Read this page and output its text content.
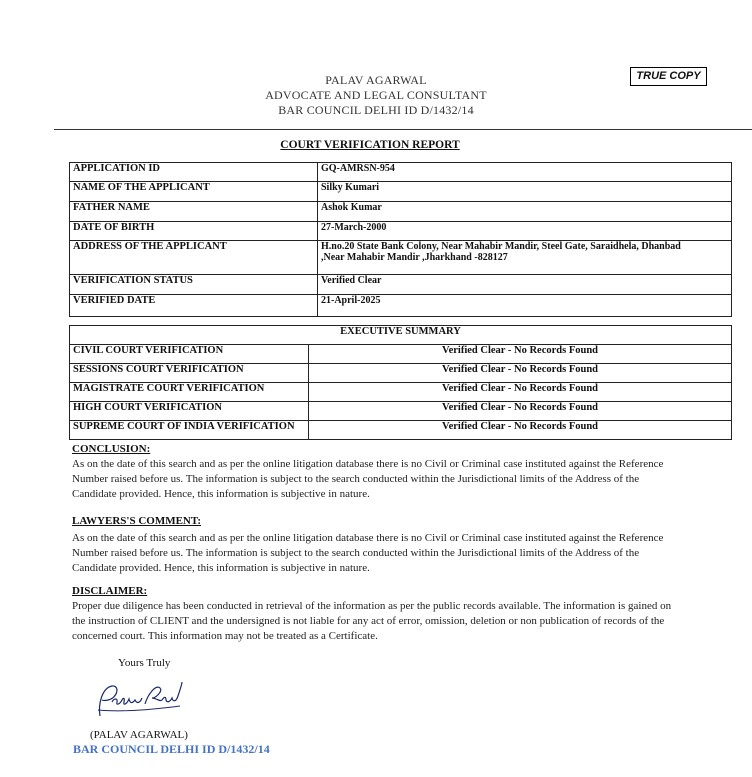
PALAV AGARWAL
ADVOCATE AND LEGAL CONSULTANT
BAR COUNCIL DELHI ID D/1432/14
TRUE COPY
COURT VERIFICATION REPORT
APPLICATION ID	GQ-AMRSN-954
NAME OF THE APPLICANT	Silky Kumari
FATHER NAME	Ashok Kumar
DATE OF BIRTH	27-March-2000
ADDRESS OF THE APPLICANT	H.no.20 State Bank Colony, Near Mahabir Mandir, Steel Gate, Saraidhela, Dhanbad
,Near Mahabir Mandir ,Jharkhand -828127

VERIFICATION STATUS	Verified Clear
VERIFIED DATE	21-April-2025
EXECUTIVE SUMMARY	
CIVIL COURT VERIFICATION	Verified Clear - No Records Found
SESSIONS COURT VERIFICATION	Verified Clear - No Records Found
MAGISTRATE COURT VERIFICATION	Verified Clear - No Records Found
HIGH COURT VERIFICATION	Verified Clear - No Records Found
SUPREME COURT OF INDIA VERIFICATION	Verified Clear - No Records Found
CONCLUSION:
As on the date of this search and as per the online litigation database there is no Civil or Criminal case instituted against the Reference
Number raised before us. The information is subject to the search conducted within the Jurisdictional limits of the Address of the
Candidate provided. Hence, this information is subjective in nature.
LAWYERS'S COMMENT:
As on the date of this search and as per the online litigation database there is no Civil or Criminal case instituted against the Reference
Number raised before us. The information is subject to the search conducted within the Jurisdictional limits of the Address of the
Candidate provided. Hence, this information is subjective in nature.
DISCLAIMER:
Proper due diligence has been conducted in retrieval of the information as per the public records available. The information is gained on
the instruction of CLIENT and the undersigned is not liable for any act of error, omission, deletion or non publication of records of the
concerned court. This information may not be treated as a Certificate.
Yours Truly
(PALAV AGARWAL)
BAR COUNCIL DELHI ID D/1432/14
